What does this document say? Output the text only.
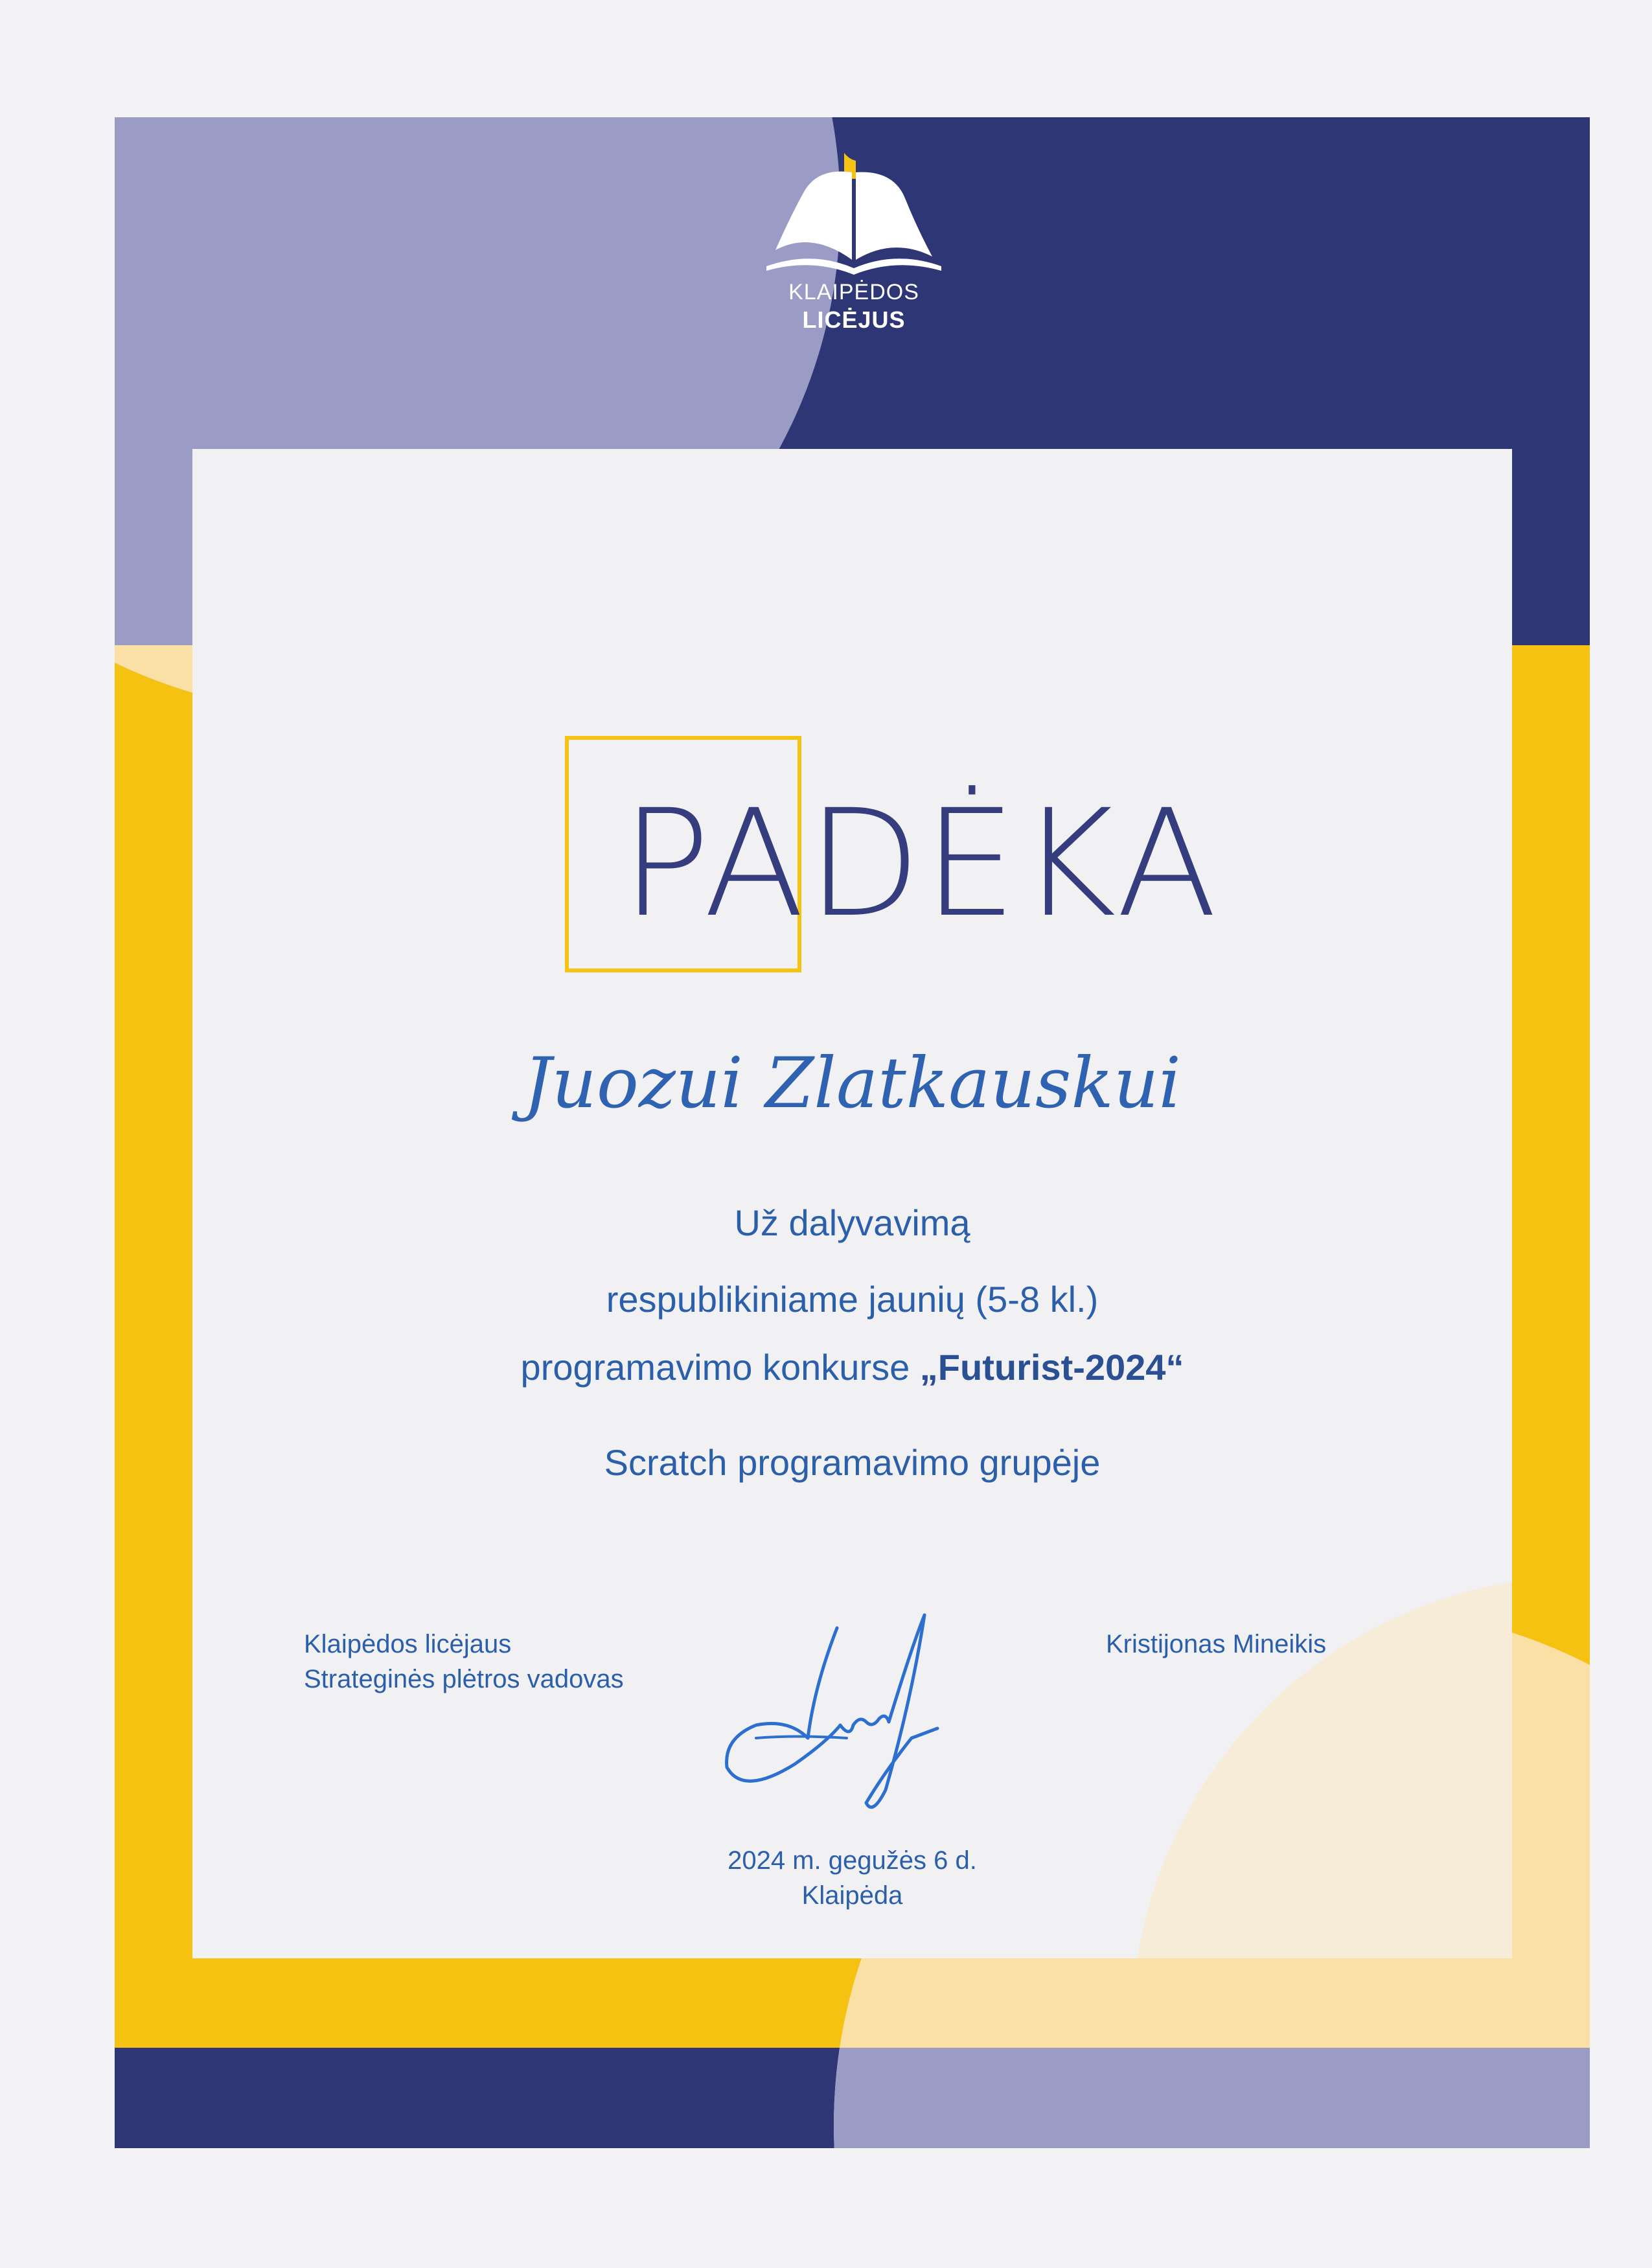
KLAIPĖDOS
LICĖJUS
PADĖKA
Juozui Zlatkauskui
Už dalyvavimą
respublikiniame jaunių (5-8 kl.)
programavimo konkurse „Futurist-2024“
Scratch programavimo grupėje
Klaipėdos licėjaus
Strateginės plėtros vadovas
Kristijonas Mineikis
2024 m. gegužės 6 d.
Klaipėda
